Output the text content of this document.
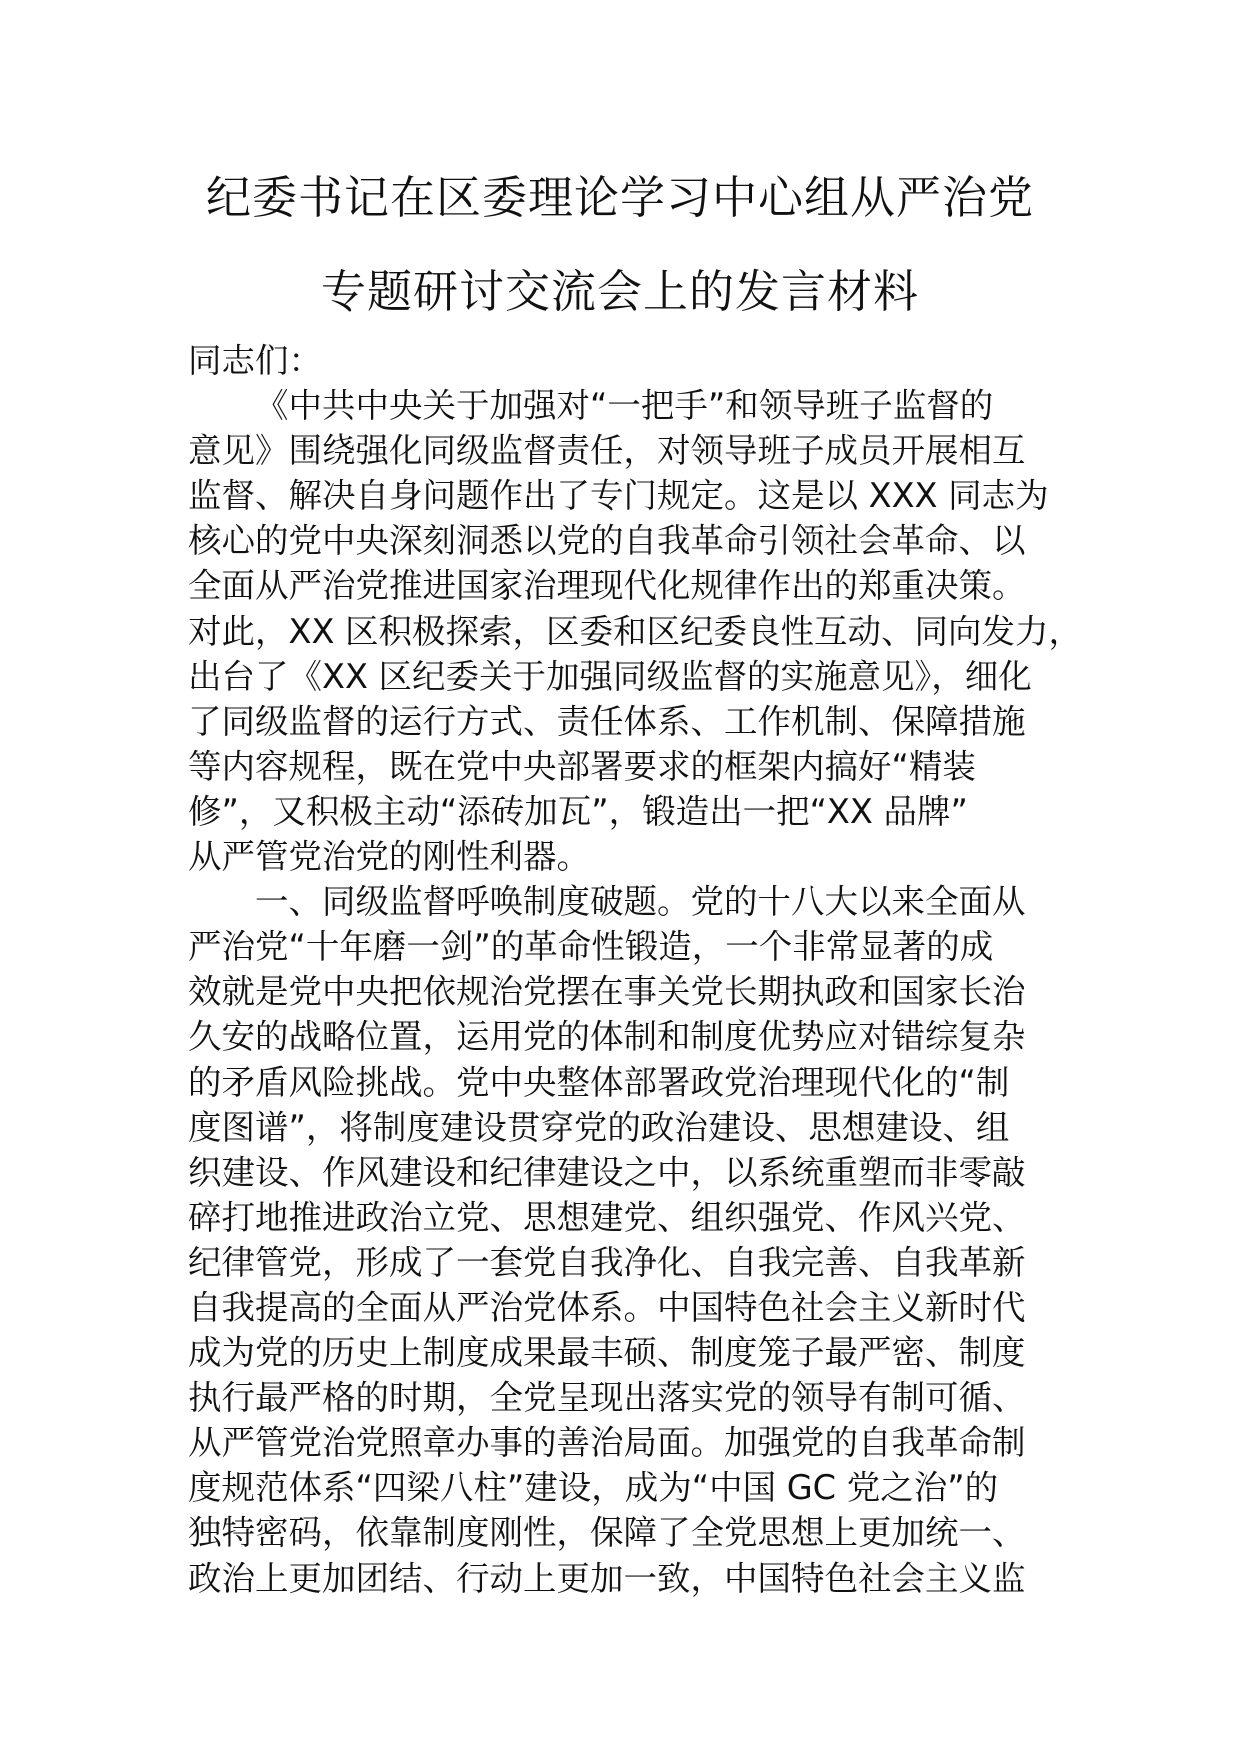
纪委书记在区委理论学习中心组从严治党
专题研讨交流会上的发言材料
同志们：
《中共中央关于加强对“一把手”和领导班子监督的
意见》围绕强化同级监督责任，对领导班子成员开展相互
监督、解决自身问题作出了专门规定。这是以 XXX 同志为
核心的党中央深刻洞悉以党的自我革命引领社会革命、以
全面从严治党推进国家治理现代化规律作出的郑重决策。
对此，XX 区积极探索，区委和区纪委良性互动、同向发力，
出台了《XX 区纪委关于加强同级监督的实施意见》，细化
了同级监督的运行方式、责任体系、工作机制、保障措施
等内容规程，既在党中央部署要求的框架内搞好“精装
修”，又积极主动“添砖加瓦”，锻造出一把“XX 品牌”
从严管党治党的刚性利器。
一、同级监督呼唤制度破题。党的十八大以来全面从
严治党“十年磨一剑”的革命性锻造，一个非常显著的成
效就是党中央把依规治党摆在事关党长期执政和国家长治
久安的战略位置，运用党的体制和制度优势应对错综复杂
的矛盾风险挑战。党中央整体部署政党治理现代化的“制
度图谱”，将制度建设贯穿党的政治建设、思想建设、组
织建设、作风建设和纪律建设之中，以系统重塑而非零敲
碎打地推进政治立党、思想建党、组织强党、作风兴党、
纪律管党，形成了一套党自我净化、自我完善、自我革新
自我提高的全面从严治党体系。中国特色社会主义新时代
成为党的历史上制度成果最丰硕、制度笼子最严密、制度
执行最严格的时期，全党呈现出落实党的领导有制可循、
从严管党治党照章办事的善治局面。加强党的自我革命制
度规范体系“四梁八柱”建设，成为“中国 GC 党之治”的
独特密码，依靠制度刚性，保障了全党思想上更加统一、
政治上更加团结、行动上更加一致，中国特色社会主义监
